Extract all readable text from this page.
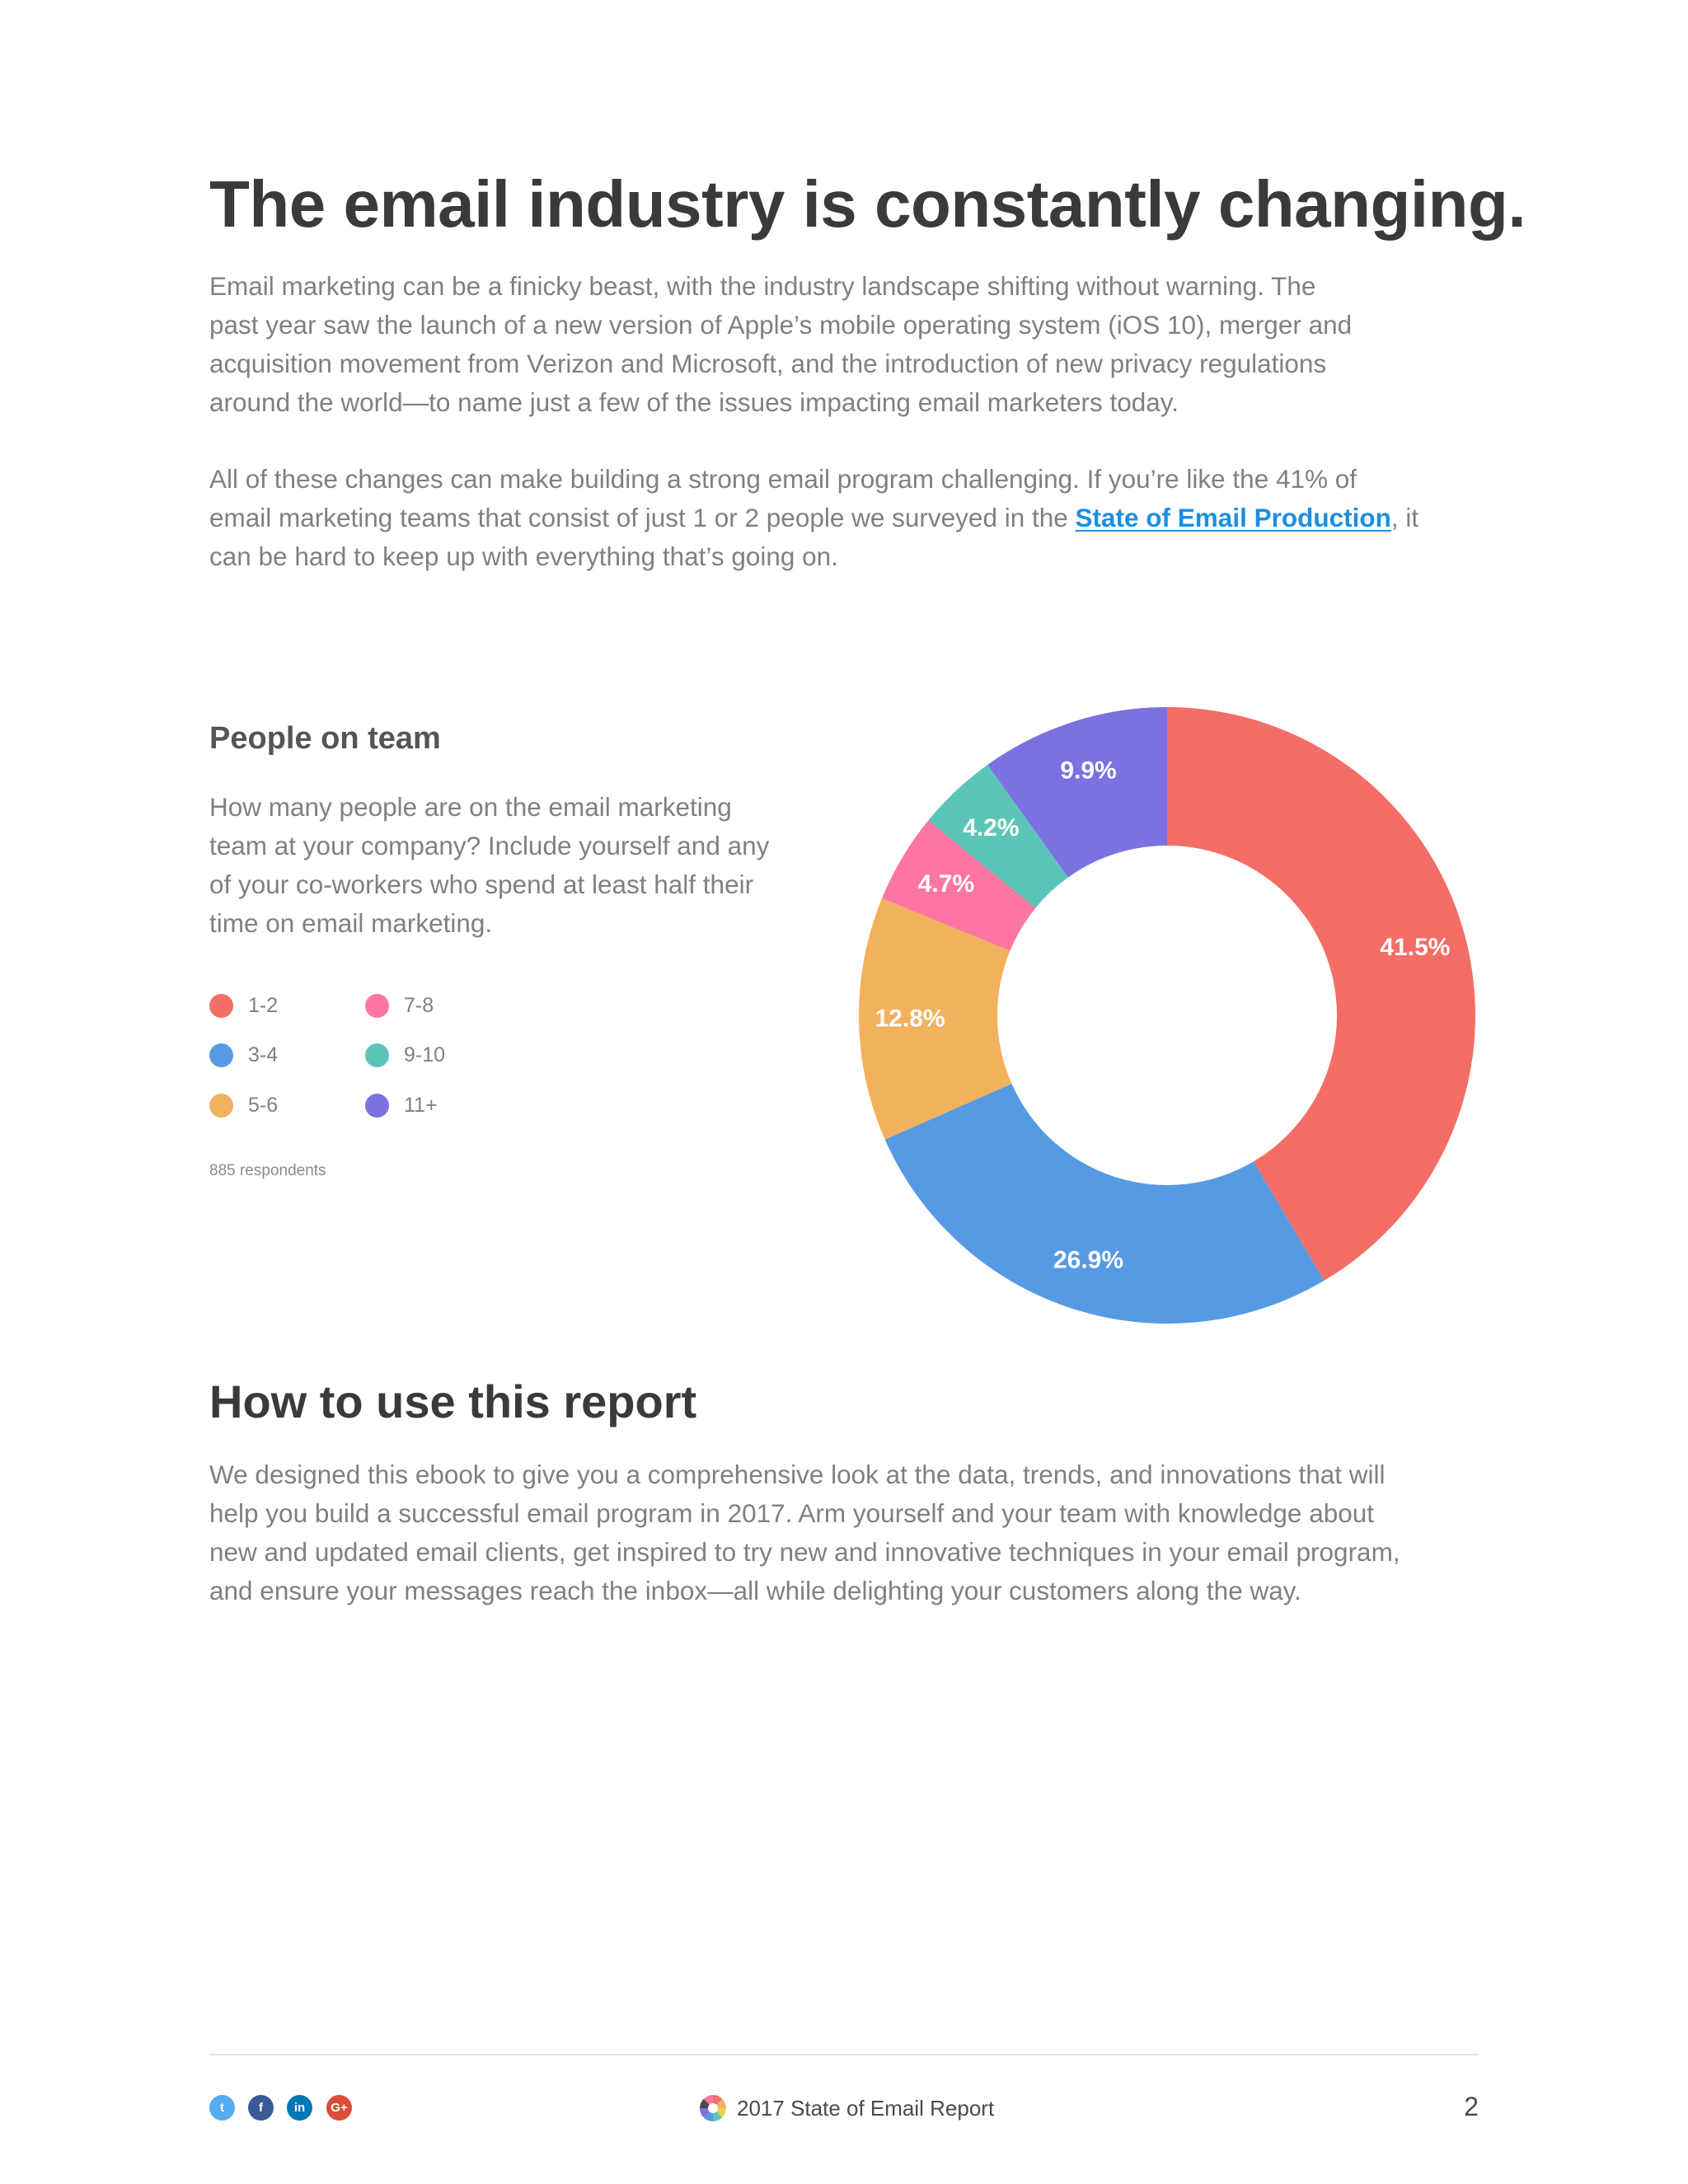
The email industry is constantly changing.

Email marketing can be a finicky beast, with the industry landscape shifting without warning. The
past year saw the launch of a new version of Apple’s mobile operating system (iOS 10), merger and
acquisition movement from Verizon and Microsoft, and the introduction of new privacy regulations
around the world—to name just a few of the issues impacting email marketers today.

All of these changes can make building a strong email program challenging. If you’re like the 41% of
email marketing teams that consist of just 1 or 2 people we surveyed in the State of Email Production, it
can be hard to keep up with everything that’s going on.

People on team

How many people are on the email marketing
team at your company? Include yourself and any
of your co-workers who spend at least half their
time on email marketing.

1-2
3-4
5-6
7-8
9-10
11+
885 respondents
41.5%
26.9%
12.8%
4.7%
4.2%
9.9%
How to use this report

We designed this ebook to give you a comprehensive look at the data, trends, and innovations that will
help you build a successful email program in 2017. Arm yourself and your team with knowledge about
new and updated email clients, get inspired to try new and innovative techniques in your email program,
and ensure your messages reach the inbox—all while delighting your customers along the way.

t	f	in	G+	2017 State of Email Report	2
